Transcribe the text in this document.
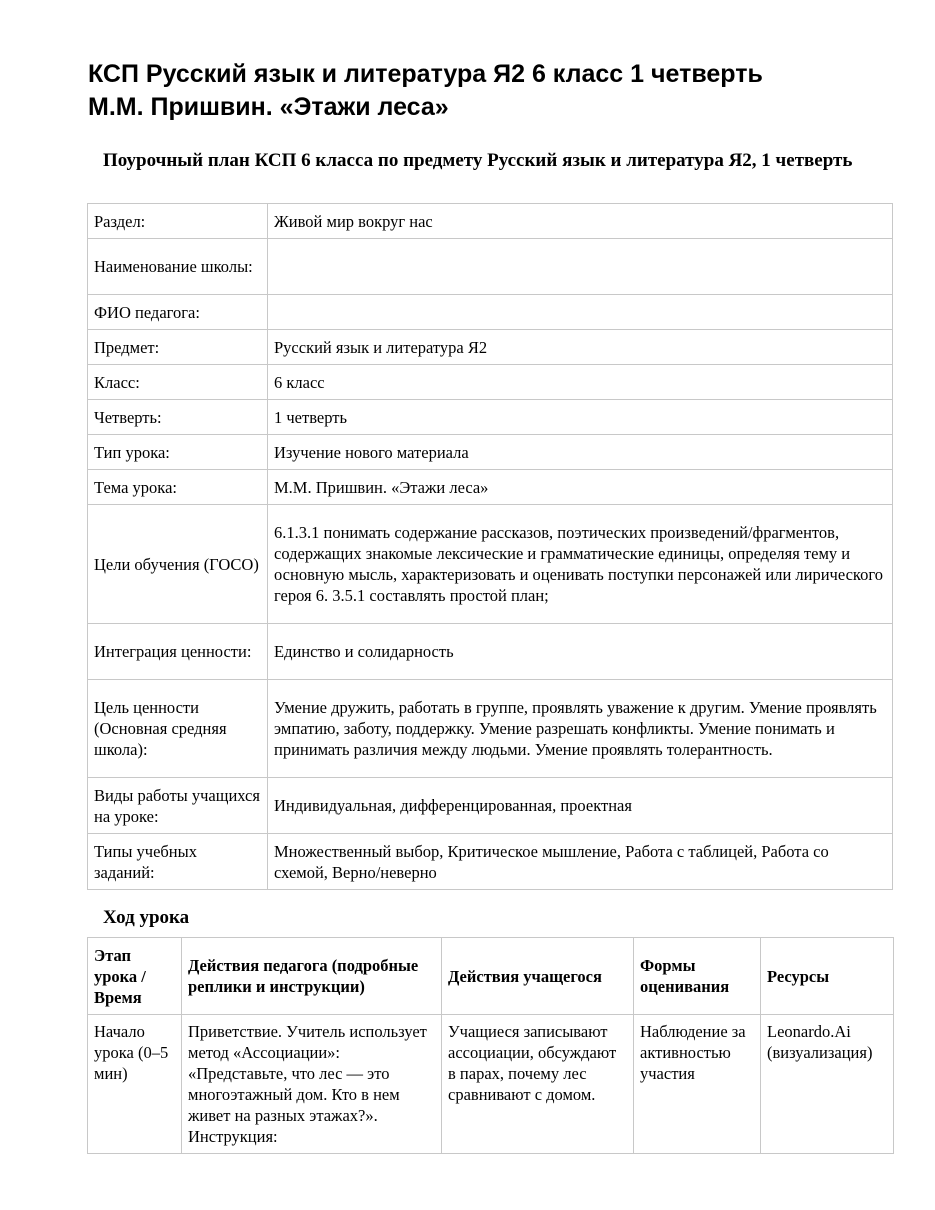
КСП Русский язык и литература Я2 6 класс 1 четверть
М.М. Пришвин. «Этажи леса»
Поурочный план КСП 6 класса по предмету Русский язык и литература Я2, 1 четверть
Раздел:	Живой мир вокруг нас
Наименование школы:	
ФИО педагога:	
Предмет:	Русский язык и литература Я2
Класс:	6 класс
Четверть:	1 четверть
Тип урока:	Изучение нового материала
Тема урока:	М.М. Пришвин. «Этажи леса»
Цели обучения (ГОСО)	6.1.3.1 понимать содержание рассказов, поэтических произведений/фрагментов, содержащих знакомые лексические и грамматические единицы, определяя тему и основную мысль, характеризовать и оценивать поступки персонажей или лирического героя 6. 3.5.1 составлять простой план;
Интеграция ценности:	Единство и солидарность
Цель ценности (Основная средняя школа):	Умение дружить, работать в группе, проявлять уважение к другим. Умение проявлять эмпатию, заботу, поддержку. Умение разрешать конфликты. Умение понимать и принимать различия между людьми. Умение проявлять толерантность.
Виды работы учащихся на уроке:	Индивидуальная, дифференцированная, проектная
Типы учебных заданий:	Множественный выбор, Критическое мышление, Работа с таблицей, Работа со схемой, Верно/неверно
Ход урока
Этап урока / Время	Действия педагога (подробные реплики и инструкции)	Действия учащегося	Формы оценивания	Ресурсы
Начало урока (0–5 мин)	Приветствие. Учитель использует метод «Ассоциации»: «Представьте, что лес — это многоэтажный дом. Кто в нем живет на разных этажах?». Инструкция:	Учащиеся записывают ассоциации, обсуждают в парах, почему лес сравнивают с домом.	Наблюдение за активностью участия	Leonardo.Ai (визуализация)
